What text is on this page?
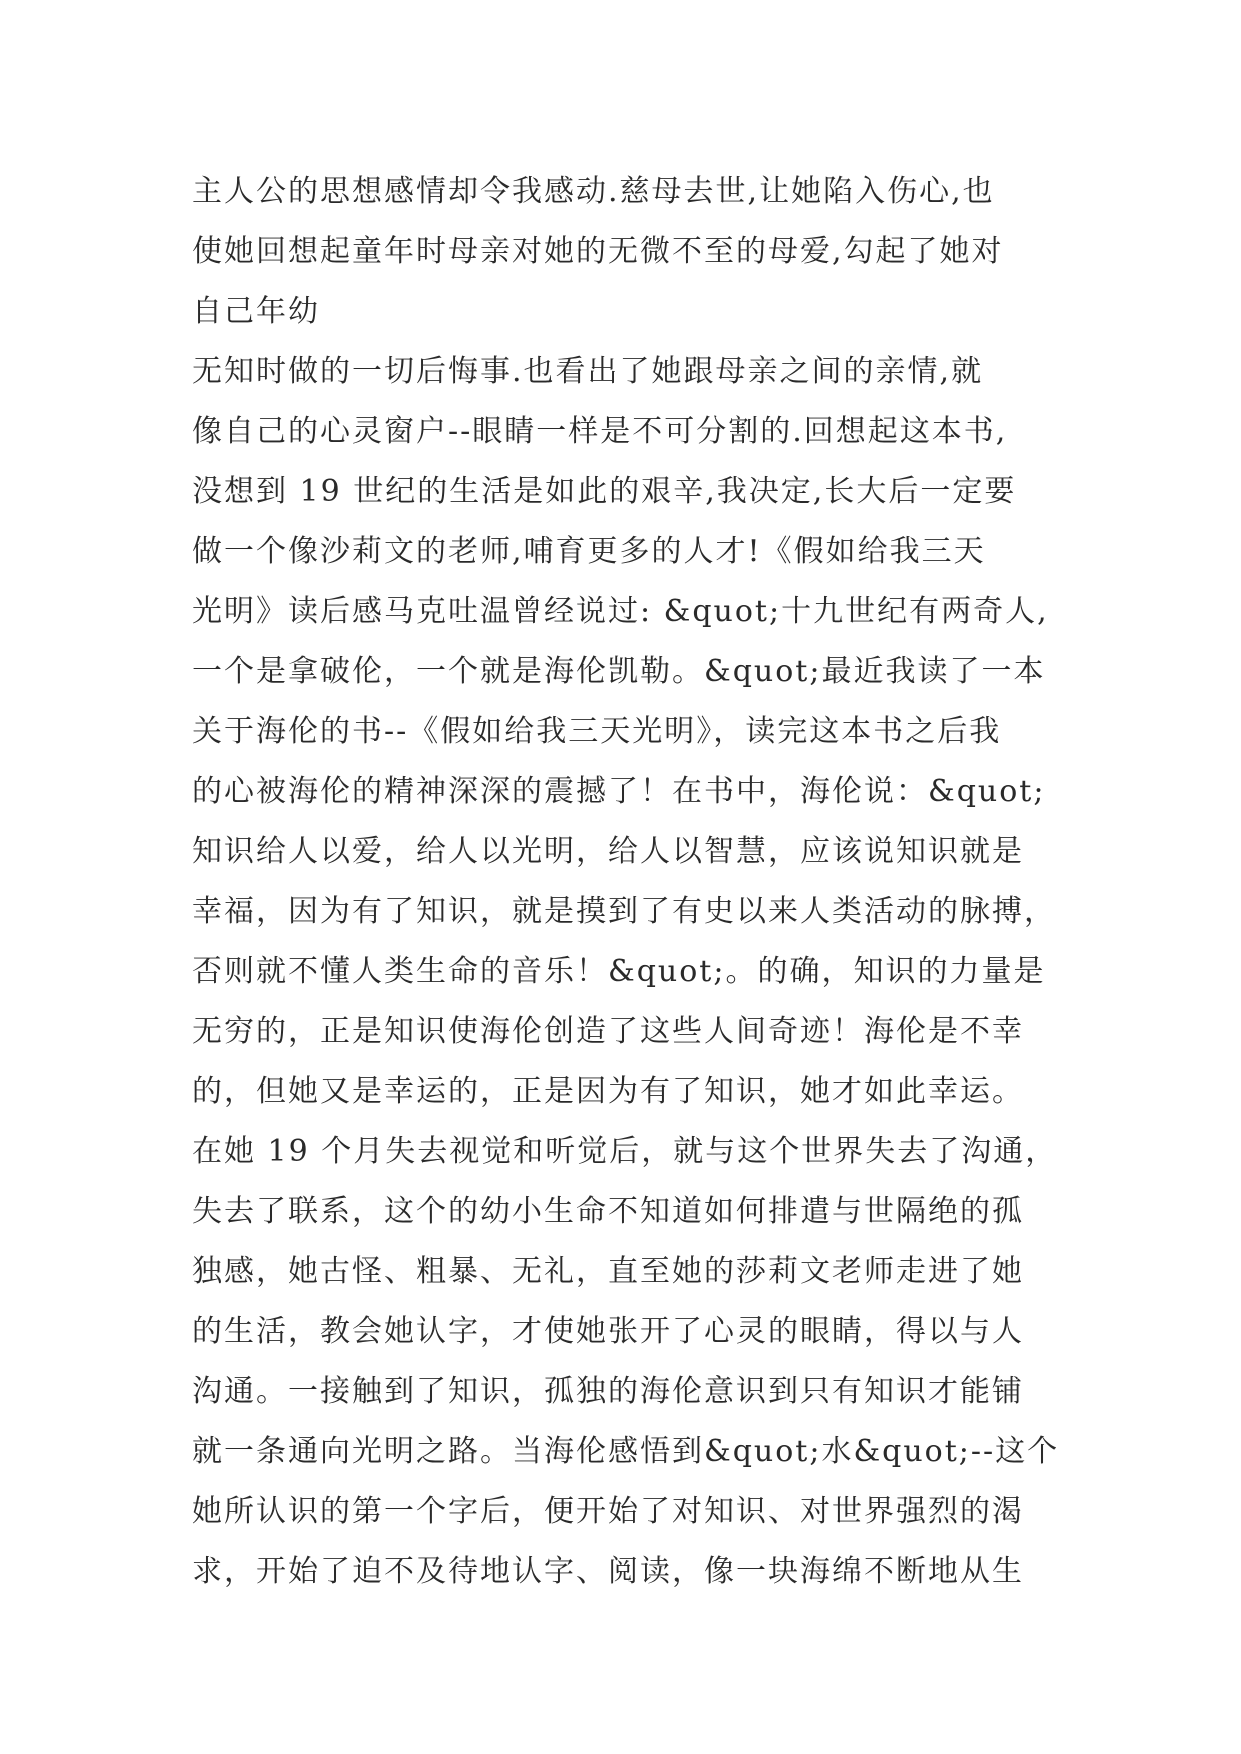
主人公的思想感情却令我感动.慈母去世,让她陷入伤心,也
使她回想起童年时母亲对她的无微不至的母爱,勾起了她对
自己年幼
无知时做的一切后悔事.也看出了她跟母亲之间的亲情,就
像自己的心灵窗户--眼睛一样是不可分割的.回想起这本书,
没想到 19 世纪的生活是如此的艰辛,我决定,长大后一定要
做一个像沙莉文的老师,哺育更多的人才!《假如给我三天
光明》读后感马克吐温曾经说过: &quot;十九世纪有两奇人,
一个是拿破伦，一个就是海伦凯勒。&quot;最近我读了一本
关于海伦的书--《假如给我三天光明》，读完这本书之后我
的心被海伦的精神深深的震撼了！在书中，海伦说：&quot;
知识给人以爱，给人以光明，给人以智慧，应该说知识就是
幸福，因为有了知识，就是摸到了有史以来人类活动的脉搏，
否则就不懂人类生命的音乐！&quot;。的确，知识的力量是
无穷的，正是知识使海伦创造了这些人间奇迹！海伦是不幸
的，但她又是幸运的，正是因为有了知识，她才如此幸运。
在她 19 个月失去视觉和听觉后，就与这个世界失去了沟通，
失去了联系，这个的幼小生命不知道如何排遣与世隔绝的孤
独感，她古怪、粗暴、无礼，直至她的莎莉文老师走进了她
的生活，教会她认字，才使她张开了心灵的眼睛，得以与人
沟通。一接触到了知识，孤独的海伦意识到只有知识才能铺
就一条通向光明之路。当海伦感悟到&quot;水&quot;--这个
她所认识的第一个字后，便开始了对知识、对世界强烈的渴
求，开始了迫不及待地认字、阅读，像一块海绵不断地从生
